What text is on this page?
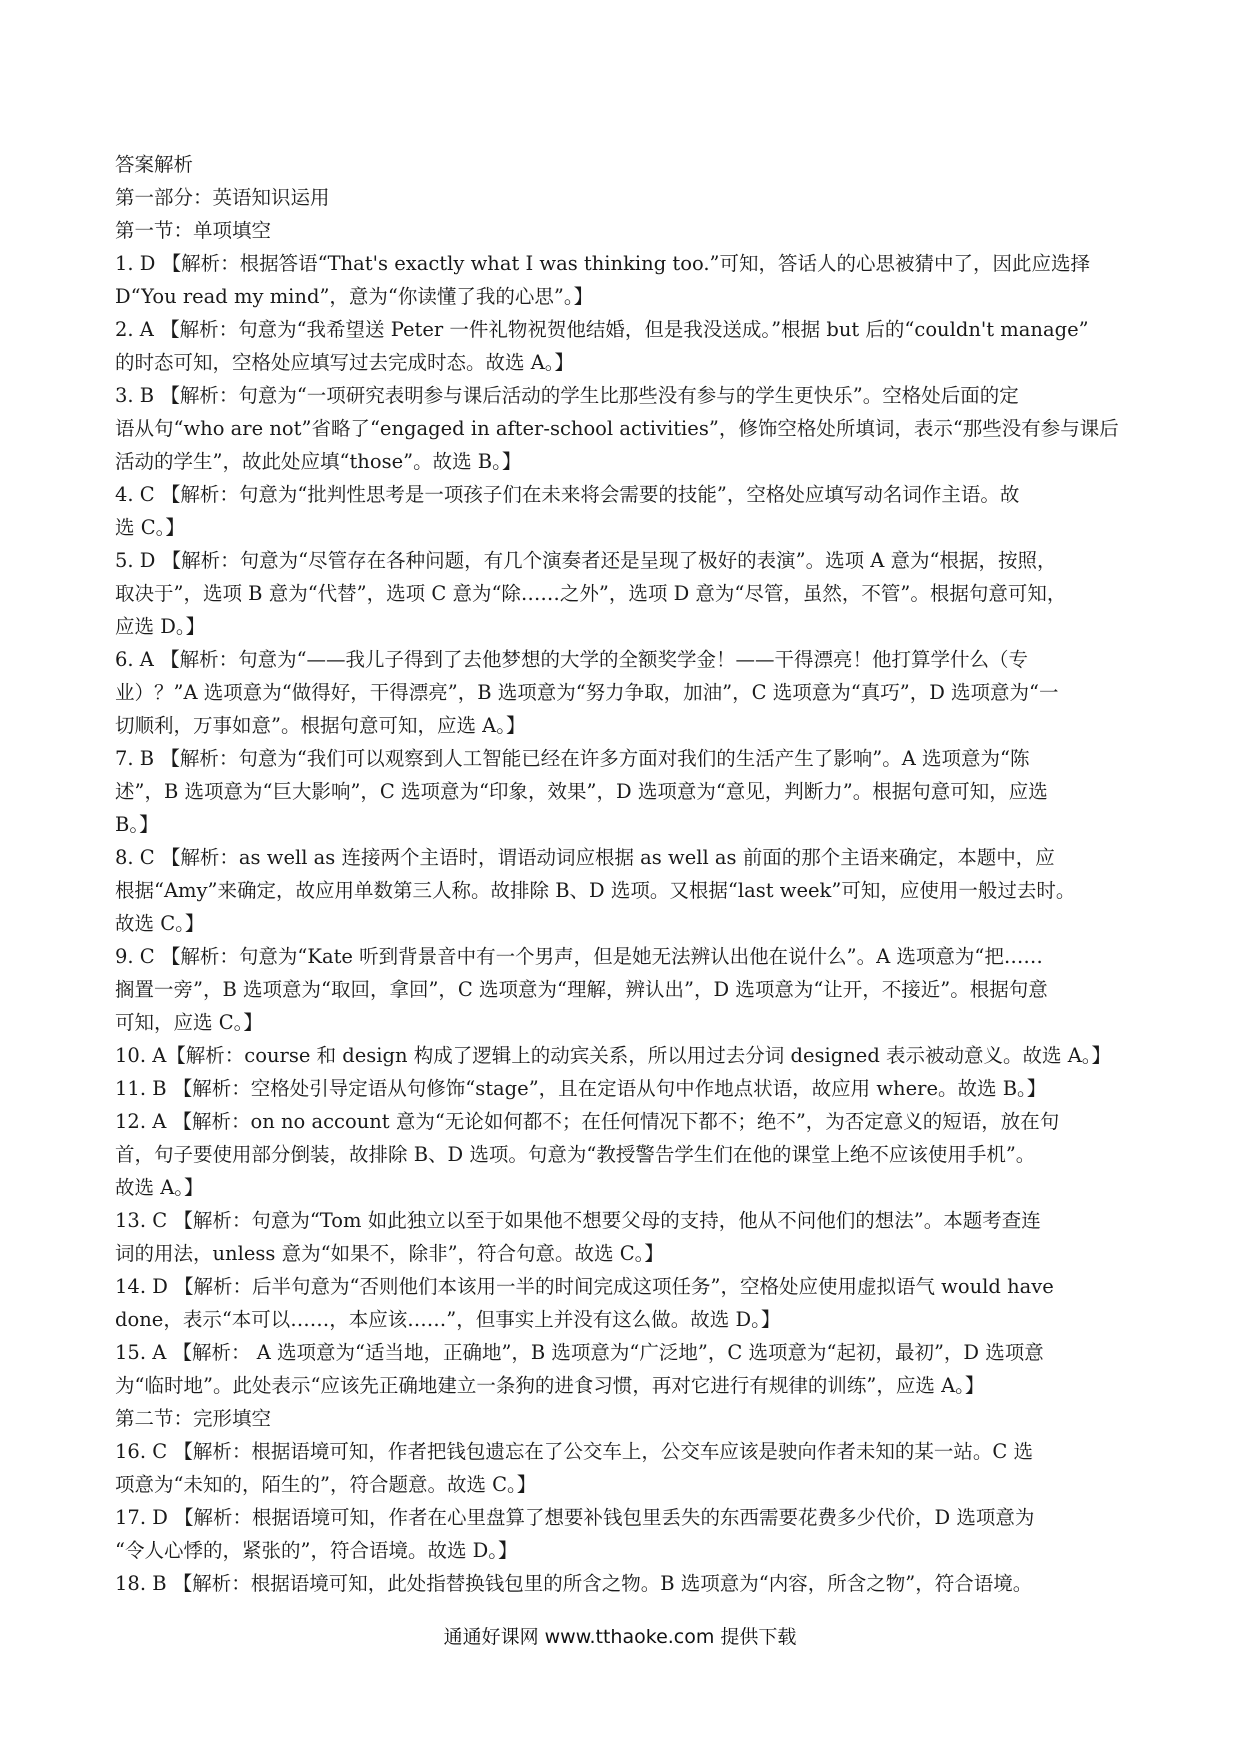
答案解析

第一部分：英语知识运用

第一节：单项填空

1. D 【解析：根据答语“That's exactly what I was thinking too.”可知，答话人的心思被猜中了，因此应选择
D“You read my mind”，意为“你读懂了我的心思”。】

2. A 【解析：句意为“我希望送 Peter 一件礼物祝贺他结婚，但是我没送成。”根据 but 后的“couldn't manage”
的时态可知，空格处应填写过去完成时态。故选 A。】

3. B 【解析：句意为“一项研究表明参与课后活动的学生比那些没有参与的学生更快乐”。空格处后面的定
语从句“who are not”省略了“engaged in after-school activities”，修饰空格处所填词，表示“那些没有参与课后
活动的学生”，故此处应填“those”。故选 B。】

4. C 【解析：句意为“批判性思考是一项孩子们在未来将会需要的技能”，空格处应填写动名词作主语。故
选 C。】

5. D 【解析：句意为“尽管存在各种问题，有几个演奏者还是呈现了极好的表演”。选项 A 意为“根据，按照，
取决于”，选项 B 意为“代替”，选项 C 意为“除……之外”，选项 D 意为“尽管，虽然，不管”。根据句意可知，
应选 D。】

6. A 【解析：句意为“——我儿子得到了去他梦想的大学的全额奖学金！——干得漂亮！他打算学什么（专
业）？”A 选项意为“做得好，干得漂亮”，B 选项意为“努力争取，加油”，C 选项意为“真巧”，D 选项意为“一
切顺利，万事如意”。根据句意可知，应选 A。】

7. B 【解析：句意为“我们可以观察到人工智能已经在许多方面对我们的生活产生了影响”。A 选项意为“陈
述”，B 选项意为“巨大影响”，C 选项意为“印象，效果”，D 选项意为“意见，判断力”。根据句意可知，应选
B。】

8. C 【解析：as well as 连接两个主语时，谓语动词应根据 as well as 前面的那个主语来确定，本题中，应
根据“Amy”来确定，故应用单数第三人称。故排除 B、D 选项。又根据“last week”可知，应使用一般过去时。
故选 C。】

9. C 【解析：句意为“Kate 听到背景音中有一个男声，但是她无法辨认出他在说什么”。A 选项意为“把……
搁置一旁”，B 选项意为“取回，拿回”，C 选项意为“理解，辨认出”，D 选项意为“让开，不接近”。根据句意
可知，应选 C。】

10. A【解析：course 和 design 构成了逻辑上的动宾关系，所以用过去分词 designed 表示被动意义。故选 A。】

11. B 【解析：空格处引导定语从句修饰“stage”，且在定语从句中作地点状语，故应用 where。故选 B。】

12. A 【解析：on no account 意为“无论如何都不；在任何情况下都不；绝不”，为否定意义的短语，放在句
首，句子要使用部分倒装，故排除 B、D 选项。句意为“教授警告学生们在他的课堂上绝不应该使用手机”。
故选 A。】

13. C 【解析：句意为“Tom 如此独立以至于如果他不想要父母的支持，他从不问他们的想法”。本题考查连
词的用法，unless 意为“如果不，除非”，符合句意。故选 C。】

14. D 【解析：后半句意为“否则他们本该用一半的时间完成这项任务”，空格处应使用虚拟语气 would have
done，表示“本可以……，本应该……”，但事实上并没有这么做。故选 D。】

15. A 【解析： A 选项意为“适当地，正确地”，B 选项意为“广泛地”，C 选项意为“起初，最初”，D 选项意
为“临时地”。此处表示“应该先正确地建立一条狗的进食习惯，再对它进行有规律的训练”，应选 A。】

第二节：完形填空

16. C 【解析：根据语境可知，作者把钱包遗忘在了公交车上，公交车应该是驶向作者未知的某一站。C 选
项意为“未知的，陌生的”，符合题意。故选 C。】

17. D 【解析：根据语境可知，作者在心里盘算了想要补钱包里丢失的东西需要花费多少代价，D 选项意为
“令人心悸的，紧张的”，符合语境。故选 D。】

18. B 【解析：根据语境可知，此处指替换钱包里的所含之物。B 选项意为“内容，所含之物”，符合语境。

通通好课网 www.tthaoke.com 提供下载
